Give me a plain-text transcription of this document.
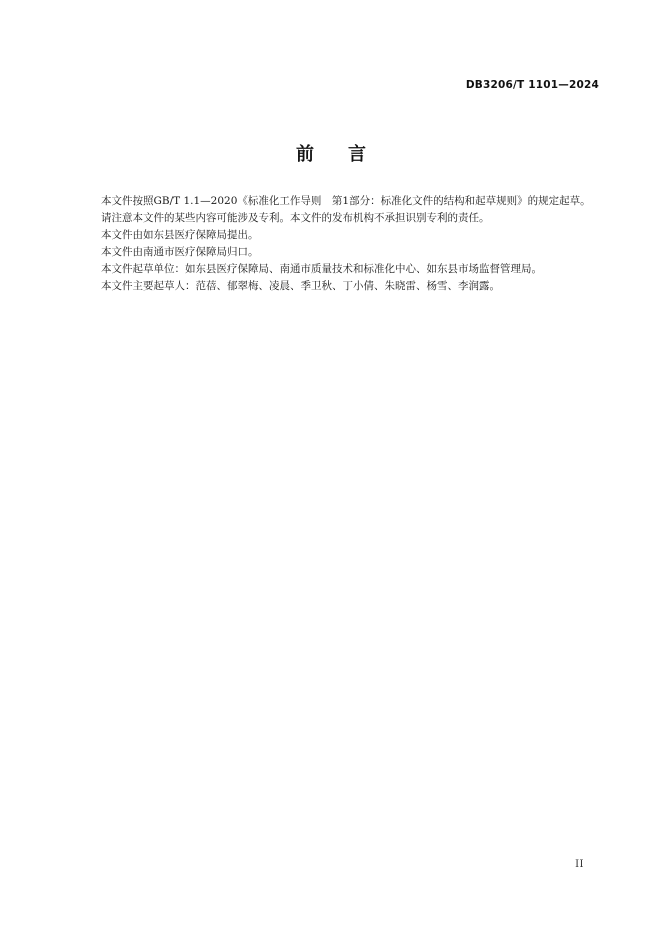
DB3206/T 1101—2024
前 言

本文件按照GB/T 1.1—2020《标准化工作导则　第1部分：标准化文件的结构和起草规则》的规定起草。

请注意本文件的某些内容可能涉及专利。本文件的发布机构不承担识别专利的责任。

本文件由如东县医疗保障局提出。

本文件由南通市医疗保障局归口。

本文件起草单位：如东县医疗保障局、南通市质量技术和标准化中心、如东县市场监督管理局。

本文件主要起草人：范蓓、郁翠梅、凌晨、季卫秋、丁小倩、朱晓雷、杨雪、李润露。

II
